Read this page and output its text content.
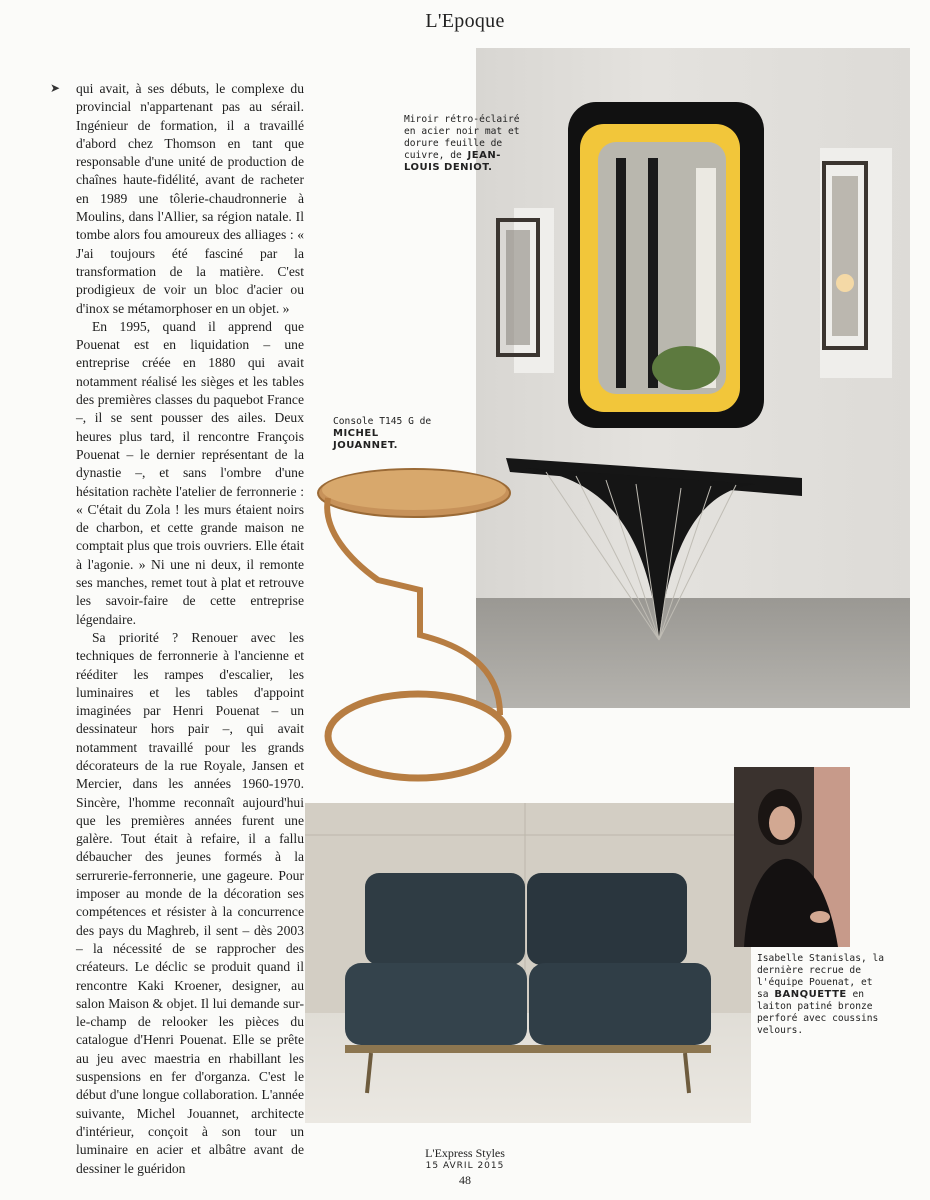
L'Epoque
➤ qui avait, à ses débuts, le complexe du provincial n'appartenant pas au sérail. Ingénieur de formation, il a travaillé d'abord chez Thomson en tant que responsable d'une unité de production de chaînes haute-fidélité, avant de racheter en 1989 une tôlerie-chaudronnerie à Moulins, dans l'Allier, sa région natale. Il tombe alors fou amoureux des alliages : « J'ai toujours été fasciné par la transformation de la matière. C'est prodigieux de voir un bloc d'acier ou d'inox se métamorphoser en un objet. »

En 1995, quand il apprend que Pouenat est en liquidation – une entreprise créée en 1880 qui avait notamment réalisé les sièges et les tables des premières classes du paquebot France –, il se sent pousser des ailes. Deux heures plus tard, il rencontre François Pouenat – le dernier représentant de la dynastie –, et sans l'ombre d'une hésitation rachète l'atelier de ferronnerie : « C'était du Zola ! les murs étaient noirs de charbon, et cette grande maison ne comptait plus que trois ouvriers. Elle était à l'agonie. » Ni une ni deux, il remonte ses manches, remet tout à plat et retrouve les savoir-faire de cette entreprise légendaire.

Sa priorité ? Renouer avec les techniques de ferronnerie à l'ancienne et rééditer les rampes d'escalier, les luminaires et les tables d'appoint imaginées par Henri Pouenat – un dessinateur hors pair –, qui avait notamment travaillé pour les grands décorateurs de la rue Royale, Jansen et Mercier, dans les années 1960-1970. Sincère, l'homme reconnaît aujourd'hui que les premières années furent une galère. Tout était à refaire, il a fallu débaucher des jeunes formés à la serrurerie-ferronnerie, une gageure. Pour imposer au monde de la décoration ses compétences et résister à la concurrence des pays du Maghreb, il sent – dès 2003 – la nécessité de se rapprocher des créateurs. Le déclic se produit quand il rencontre Kaki Kroener, designer, au salon Maison & objet. Il lui demande sur-le-champ de relooker les pièces du catalogue d'Henri Pouenat. Elle se prête au jeu avec maestria en rhabillant les suspensions en fer d'organza. C'est le début d'une longue collaboration. L'année suivante, Michel Jouannet, architecte d'intérieur, conçoit à son tour un luminaire en acier et albâtre avant de dessiner le guéridon

Miroir rétro-éclairé en acier noir mat et dorure feuille de cuivre, de JEAN-LOUIS DENIOT.
Console T145 G de MICHEL JOUANNET.
Isabelle Stanislas, la dernière recrue de l'équipe Pouenat, et sa BANQUETTE en laiton patiné bronze perforé avec coussins velours.
L'Express Styles
15 AVRIL 2015
48
